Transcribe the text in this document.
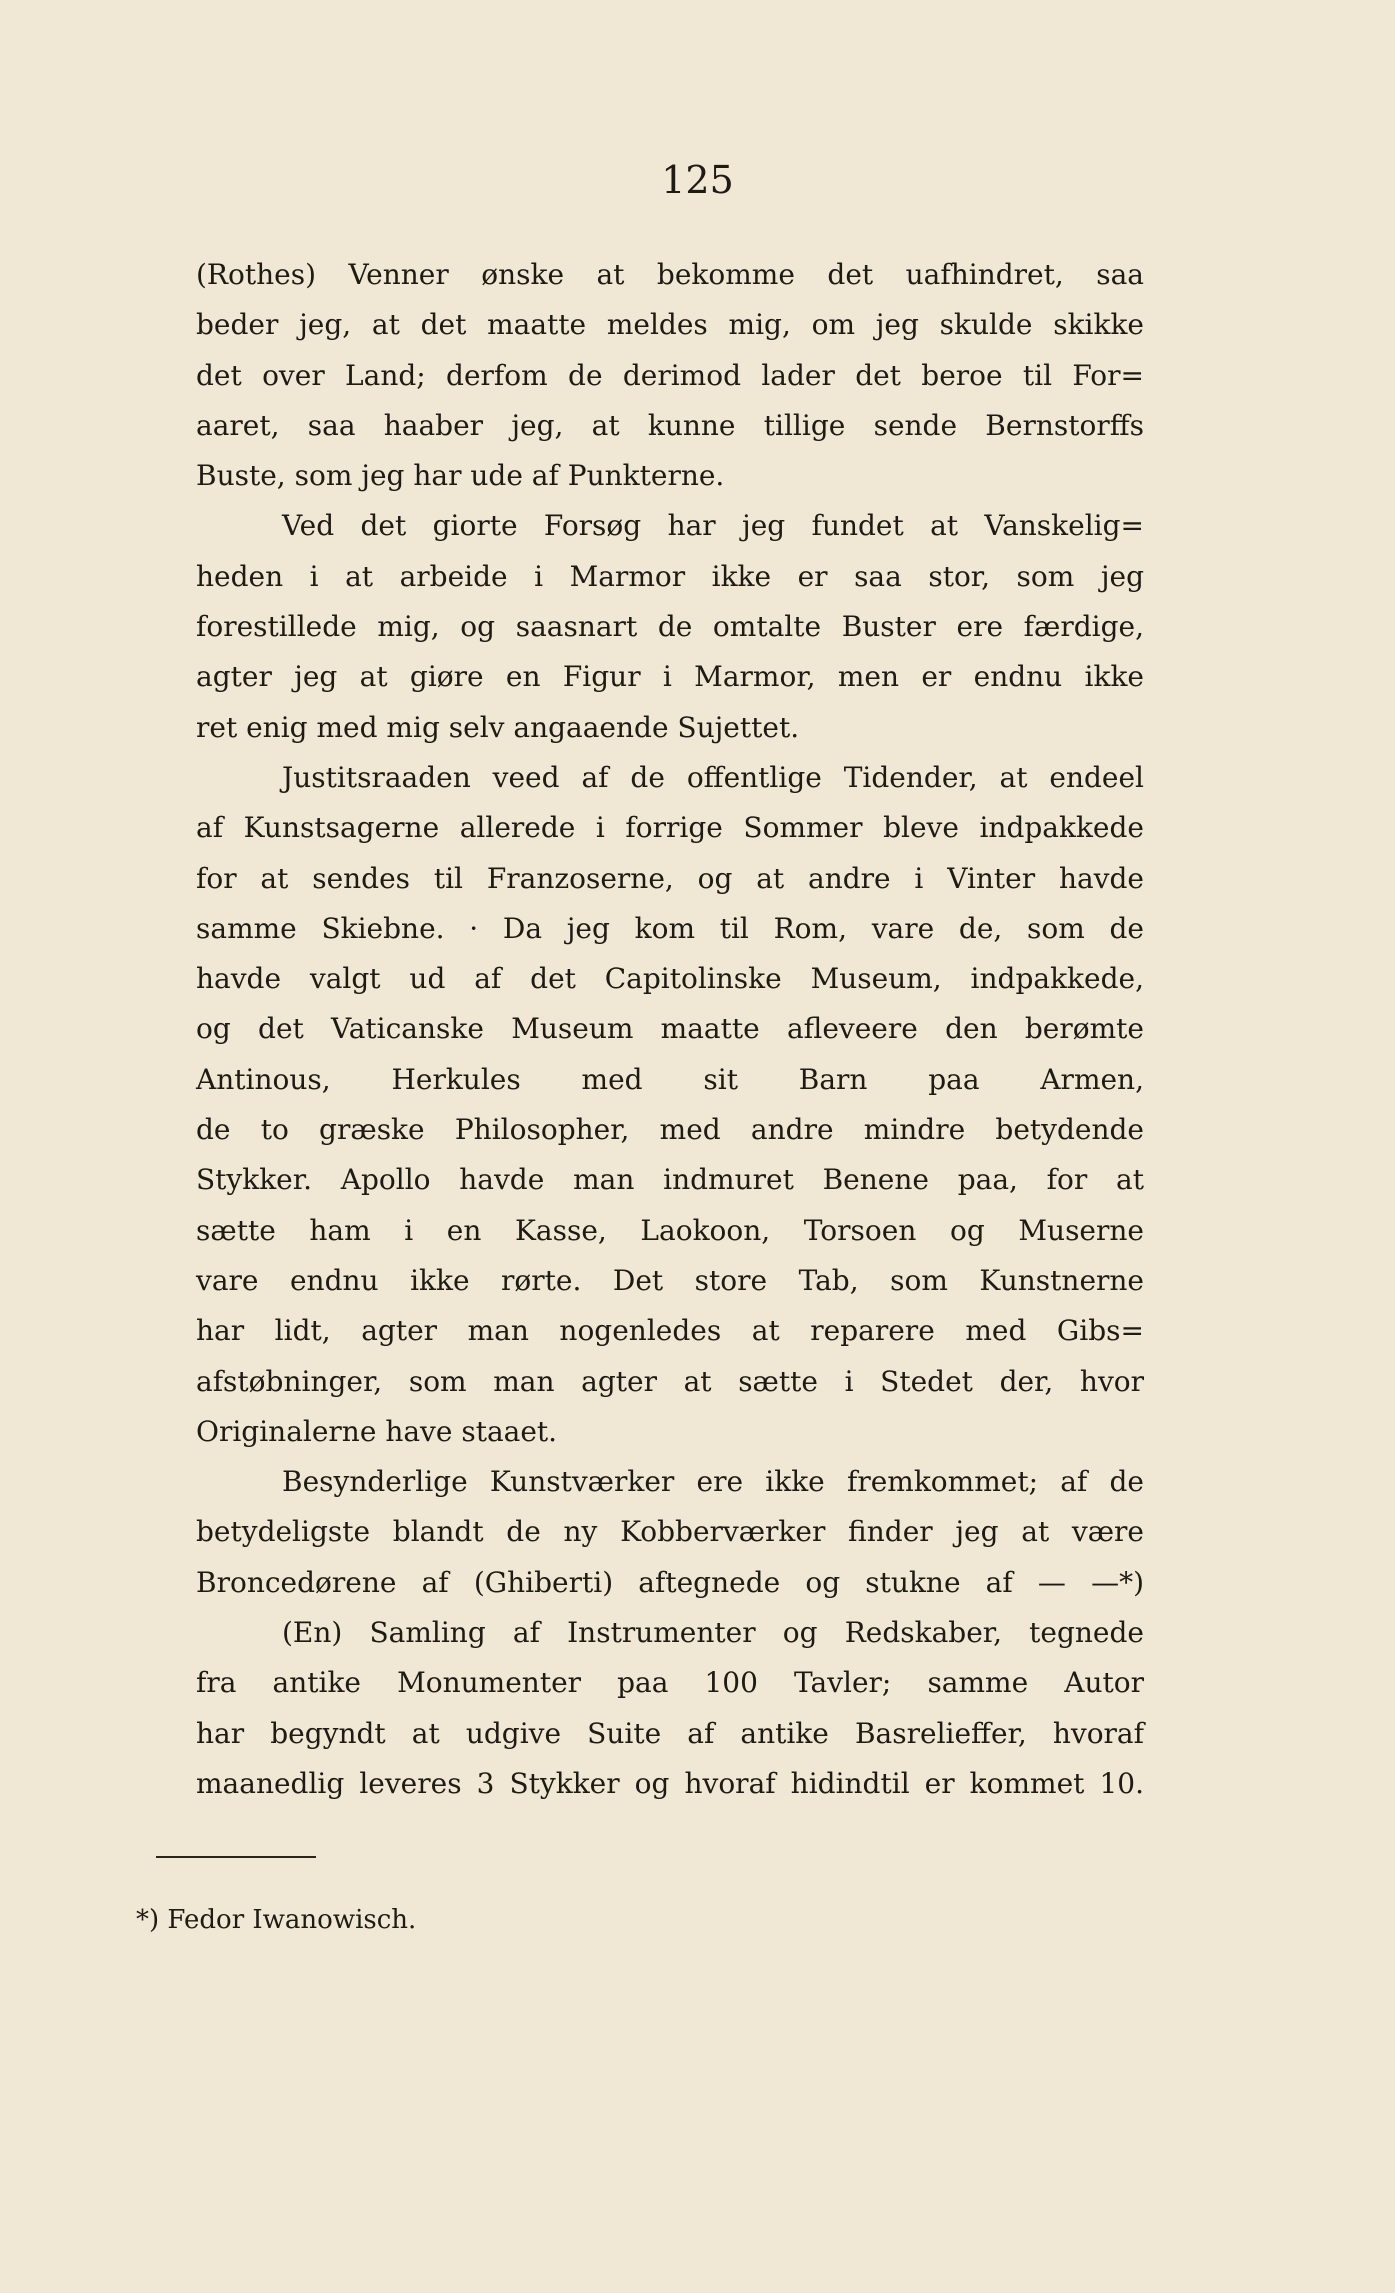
125
(Rothes) Venner ønske at bekomme det uafhindret, saa
beder jeg, at det maatte meldes mig, om jeg skulde skikke
det over Land; derfom de derimod lader det beroe til For=
aaret, saa haaber jeg, at kunne tillige sende Bernstorffs
Buste, som jeg har ude af Punkterne.
Ved det giorte Forsøg har jeg fundet at Vanskelig=
heden i at arbeide i Marmor ikke er saa stor, som jeg
forestillede mig, og saasnart de omtalte Buster ere færdige,
agter jeg at giøre en Figur i Marmor, men er endnu ikke
ret enig med mig selv angaaende Sujettet.
Justitsraaden veed af de offentlige Tidender, at endeel
af Kunstsagerne allerede i forrige Sommer bleve indpakkede
for at sendes til Franzoserne, og at andre i Vinter havde
samme Skiebne. · Da jeg kom til Rom, vare de, som de
havde valgt ud af det Capitolinske Museum, indpakkede,
og det Vaticanske Museum maatte afleveere den berømte
Antinous, Herkules med sit Barn paa Armen,
de to græske Philosopher, med andre mindre betydende
Stykker. Apollo havde man indmuret Benene paa, for at
sætte ham i en Kasse, Laokoon, Torsoen og Muserne
vare endnu ikke rørte. Det store Tab, som Kunstnerne
har lidt, agter man nogenledes at reparere med Gibs=
afstøbninger, som man agter at sætte i Stedet der, hvor
Originalerne have staaet.
Besynderlige Kunstværker ere ikke fremkommet; af de
betydeligste blandt de ny Kobberværker finder jeg at være
Broncedørene af (Ghiberti) aftegnede og stukne af — —*)
(En) Samling af Instrumenter og Redskaber, tegnede
fra antike Monumenter paa 100 Tavler; samme Autor
har begyndt at udgive Suite af antike Basrelieffer, hvoraf
maanedlig leveres 3 Stykker og hvoraf hidindtil er kommet 10.
*) Fedor Iwanowisch.
